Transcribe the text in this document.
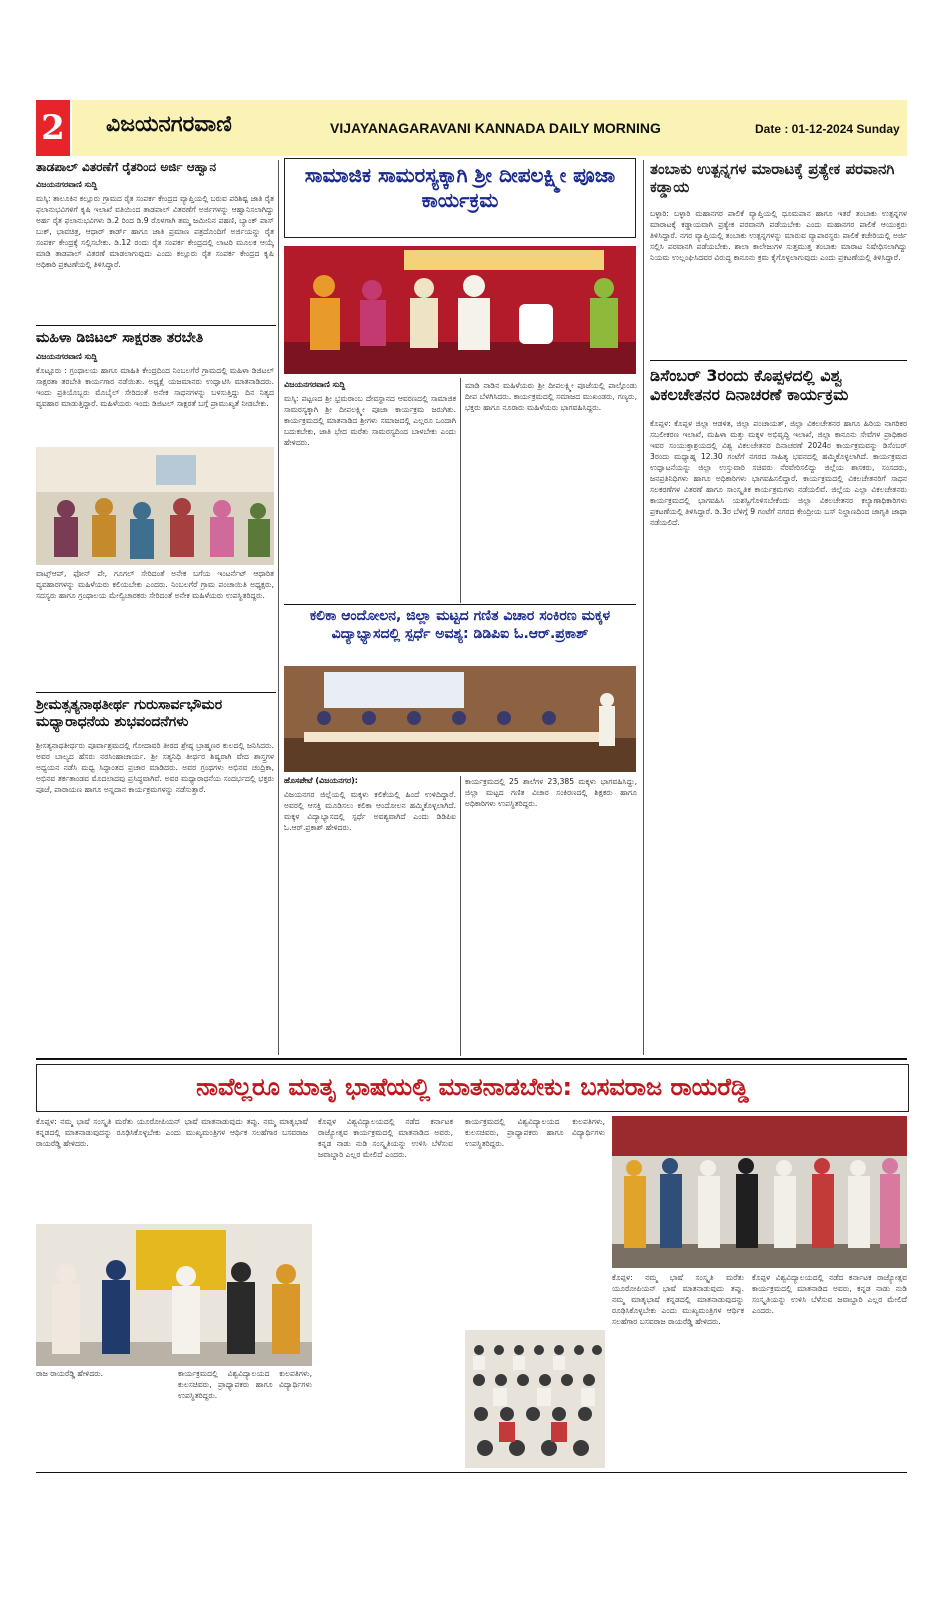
2 ವಿಜಯನಗರವಾಣಿ	VIJAYANAGARAVANI KANNADA DAILY MORNING	Date : 01-12-2024 Sunday
ತಾಡಪಾಲ್ ವಿತರಣೆಗೆ ರೈತರಿಂದ ಅರ್ಜಿ ಆಹ್ವಾನ
ವಿಜಯನಗರವಾಣಿ ಸುದ್ದಿ
ಮಸ್ಕಿ: ತಾಲೂಕಿನ ಕಲ್ಲೂರು ಗ್ರಾಮದ ರೈತ ಸಂಪರ್ಕ ಕೇಂದ್ರದ ವ್ಯಾಪ್ತಿಯಲ್ಲಿ ಬರುವ ಪರಿಶಿಷ್ಟ ಜಾತಿ ರೈತ ಫಲಾನುಭವಿಗಳಿಗೆ ಕೃಷಿ ಇಲಾಖೆ ವತಿಯಿಂದ ತಾಡಪಾಲ್ ವಿತರಣೆಗೆ ಅರ್ಜಿಗಳನ್ನು ಆಹ್ವಾನಿಸಲಾಗಿದ್ದು ಅರ್ಹ ರೈತ ಫಲಾನುಭವಿಗಳು ಡಿ.2 ರಿಂದ ಡಿ.9 ರೊಳಗಾಗಿ ತಮ್ಮ ಜಮೀನಿನ ಪಹಣಿ, ಬ್ಯಾಂಕ್ ಪಾಸ್ ಬುಕ್, ಭಾವಚಿತ್ರ, ಆಧಾರ್ ಕಾರ್ಡ್ ಹಾಗೂ ಜಾತಿ ಪ್ರಮಾಣ ಪತ್ರದೊಂದಿಗೆ ಅರ್ಜಿಯನ್ನು ರೈತ ಸಂಪರ್ಕ ಕೇಂದ್ರಕ್ಕೆ ಸಲ್ಲಿಸಬೇಕು. ಡಿ.12 ರಂದು ರೈತ ಸಂಪರ್ಕ ಕೇಂದ್ರದಲ್ಲಿ ಲಾಟರಿ ಮೂಲಕ ಆಯ್ಕೆ ಮಾಡಿ ತಾಡಪಾಲ್ ವಿತರಣೆ ಮಾಡಲಾಗುವುದು ಎಂದು ಕಲ್ಲೂರು ರೈತ ಸಂಪರ್ಕ ಕೇಂದ್ರದ ಕೃಷಿ ಅಧಿಕಾರಿ ಪ್ರಕಟಣೆಯಲ್ಲಿ ತಿಳಿಸಿದ್ದಾರೆ.
ಮಹಿಳಾ ಡಿಜಿಟಲ್ ಸಾಕ್ಷರತಾ ತರಬೇತಿ
ವಿಜಯನಗರವಾಣಿ ಸುದ್ದಿ
ಕೊಟ್ಟೂರು : ಗ್ರಂಥಾಲಯ ಹಾಗೂ ಮಾಹಿತಿ ಕೇಂದ್ರದಿಂದ ನಿಂಬಲಗೆರೆ ಗ್ರಾಮದಲ್ಲಿ ಮಹಿಳಾ ಡಿಜಿಟಲ್ ಸಾಕ್ಷರತಾ ತರಬೇತಿ ಕಾರ್ಯಗಾರ ನಡೆಯಿತು. ಅಧ್ಯಕ್ಷೆ ಯಜಮಾನರು ಉದ್ಘಾಟಿಸಿ ಮಾತನಾಡಿದರು. ಇಂದು ಪ್ರತಿಯೊಬ್ಬರು ಮೊಬೈಲ್ ಸೇರಿದಂತೆ ಅನೇಕ ಸಾಧನಗಳನ್ನು ಬಳಸುತ್ತಿದ್ದು ದಿನ ನಿತ್ಯದ ವ್ಯವಹಾರ ಮಾಡುತ್ತಿದ್ದಾರೆ. ಮಹಿಳೆಯರು ಇಂದು ಡಿಜಿಟಲ್ ಸಾಕ್ಷರತೆ ಬಗ್ಗೆ ಪ್ರಾಮುಖ್ಯತೆ ನೀಡಬೇಕು.
ವಾಟ್ಸ್ಆಪ್, ಫೋನ್ ಪೇ, ಗೂಗಲ್ ಸೇರಿದಂತೆ ಅನೇಕ ಬಗೆಯ ಇಂಟರ್ನೆಟ್ ಆಧಾರಿತ ವ್ಯವಹಾರಗಳನ್ನು ಮಹಿಳೆಯರು ಕಲಿಯಬೇಕು ಎಂದರು. ನಿಂಬಲಗೆರೆ ಗ್ರಾಮ ಪಂಚಾಯಿತಿ ಅಧ್ಯಕ್ಷರು, ಸದಸ್ಯರು ಹಾಗೂ ಗ್ರಂಥಾಲಯ ಮೇಲ್ವಿಚಾರಕರು ಸೇರಿದಂತೆ ಅನೇಕ ಮಹಿಳೆಯರು ಉಪಸ್ಥಿತರಿದ್ದರು.
ಶ್ರೀಮತ್ಸತ್ಯನಾಥತೀರ್ಥ ಗುರುಸಾರ್ವಭೌಮರ ಮಧ್ಯಾರಾಧನೆಯ ಶುಭವಂದನೆಗಳು
ಶ್ರೀಸತ್ಯನಾಥತೀರ್ಥರು ಪೂರ್ವಾಶ್ರಮದಲ್ಲಿ ಗೋದಾವರಿ ತೀರದ ಶ್ರೇಷ್ಠ ಬ್ರಾಹ್ಮಣರ ಕುಲದಲ್ಲಿ ಜನಿಸಿದರು. ಅವರ ಬಾಲ್ಯದ ಹೆಸರು ನರಸಿಂಹಾಚಾರ್ಯ. ಶ್ರೀ ಸತ್ಯನಿಧಿ ತೀರ್ಥರ ಶಿಷ್ಯರಾಗಿ ವೇದ ಶಾಸ್ತ್ರಗಳ ಅಧ್ಯಯನ ನಡೆಸಿ ಮಧ್ವ ಸಿದ್ಧಾಂತದ ಪ್ರಚಾರ ಮಾಡಿದರು. ಅವರ ಗ್ರಂಥಗಳು ಅಭಿನವ ಚಂದ್ರಿಕಾ, ಅಭಿನವ ತರ್ಕತಾಂಡವ ಮೊದಲಾದವು ಪ್ರಸಿದ್ಧವಾಗಿವೆ. ಅವರ ಮಧ್ಯಾರಾಧನೆಯ ಸಂದರ್ಭದಲ್ಲಿ ಭಕ್ತರು ಪೂಜೆ, ಪಾರಾಯಣ ಹಾಗೂ ಅನ್ನದಾನ ಕಾರ್ಯಕ್ರಮಗಳನ್ನು ನಡೆಸುತ್ತಾರೆ.
ಸಾಮಾಜಿಕ ಸಾಮರಸ್ಯಕ್ಕಾಗಿ ಶ್ರೀ ದೀಪಲಕ್ಷ್ಮೀ ಪೂಜಾ ಕಾರ್ಯಕ್ರಮ
ವಿಜಯನಗರವಾಣಿ ಸುದ್ದಿ
ಮಸ್ಕಿ: ಪಟ್ಟಣದ ಶ್ರೀ ಭ್ರಮರಾಂಬ ದೇವಸ್ಥಾನದ ಆವರಣದಲ್ಲಿ ಸಾಮಾಜಿಕ ಸಾಮರಸ್ಯಕ್ಕಾಗಿ ಶ್ರೀ ದೀಪಲಕ್ಷ್ಮೀ ಪೂಜಾ ಕಾರ್ಯಕ್ರಮ ಜರುಗಿತು. ಕಾರ್ಯಕ್ರಮದಲ್ಲಿ ಮಾತನಾಡಿದ ಶ್ರೀಗಳು ಸಮಾಜದಲ್ಲಿ ಎಲ್ಲರೂ ಒಂದಾಗಿ ಬದುಕಬೇಕು, ಜಾತಿ ಭೇದ ಮರೆತು ಸಾಮರಸ್ಯದಿಂದ ಬಾಳಬೇಕು ಎಂದು ಹೇಳಿದರು.
ಮಾಡಿ ನಾಡಿನ ಮಹಿಳೆಯರು ಶ್ರೀ ದೀಪಲಕ್ಷ್ಮೀ ಪೂಜೆಯಲ್ಲಿ ಪಾಲ್ಗೊಂಡು ದೀಪ ಬೆಳಗಿಸಿದರು. ಕಾರ್ಯಕ್ರಮದಲ್ಲಿ ಸಮಾಜದ ಮುಖಂಡರು, ಗಣ್ಯರು, ಭಕ್ತರು ಹಾಗೂ ನೂರಾರು ಮಹಿಳೆಯರು ಭಾಗವಹಿಸಿದ್ದರು.
ಕಲಿಕಾ ಆಂದೋಲನ, ಜಿಲ್ಲಾ ಮಟ್ಟದ ಗಣಿತ ವಿಚಾರ ಸಂಕಿರಣ ಮಕ್ಕಳ ವಿದ್ಯಾಭ್ಯಾಸದಲ್ಲಿ ಸ್ಪರ್ಧೆ ಅವಶ್ಯ: ಡಿಡಿಪಿಐ ಓ.ಆರ್.ಪ್ರಕಾಶ್
ಹೊಸಪೇಟೆ (ವಿಜಯನಗರ):
ವಿಜಯನಗರ ಜಿಲ್ಲೆಯಲ್ಲಿ ಮಕ್ಕಳು ಕಲಿಕೆಯಲ್ಲಿ ಹಿಂದೆ ಉಳಿದಿದ್ದಾರೆ. ಅವರಲ್ಲಿ ಆಸಕ್ತಿ ಮೂಡಿಸಲು ಕಲಿಕಾ ಆಂದೋಲನ ಹಮ್ಮಿಕೊಳ್ಳಲಾಗಿದೆ. ಮಕ್ಕಳ ವಿದ್ಯಾಭ್ಯಾಸದಲ್ಲಿ ಸ್ಪರ್ಧೆ ಅವಶ್ಯವಾಗಿದೆ ಎಂದು ಡಿಡಿಪಿಐ ಓ.ಆರ್.ಪ್ರಕಾಶ್ ಹೇಳಿದರು.
ಕಾರ್ಯಕ್ರಮದಲ್ಲಿ 25 ಶಾಲೆಗಳ 23,385 ಮಕ್ಕಳು ಭಾಗವಹಿಸಿದ್ದು, ಜಿಲ್ಲಾ ಮಟ್ಟದ ಗಣಿತ ವಿಚಾರ ಸಂಕಿರಣದಲ್ಲಿ ಶಿಕ್ಷಕರು ಹಾಗೂ ಅಧಿಕಾರಿಗಳು ಉಪಸ್ಥಿತರಿದ್ದರು.
ತಂಬಾಕು ಉತ್ಪನ್ನಗಳ ಮಾರಾಟಕ್ಕೆ ಪ್ರತ್ಯೇಕ ಪರವಾನಗಿ ಕಡ್ಡಾಯ
ಬಳ್ಳಾರಿ: ಬಳ್ಳಾರಿ ಮಹಾನಗರ ಪಾಲಿಕೆ ವ್ಯಾಪ್ತಿಯಲ್ಲಿ ಧೂಮಪಾನ ಹಾಗೂ ಇತರೆ ತಂಬಾಕು ಉತ್ಪನ್ನಗಳ ಮಾರಾಟಕ್ಕೆ ಕಡ್ಡಾಯವಾಗಿ ಪ್ರತ್ಯೇಕ ಪರವಾನಗಿ ಪಡೆಯಬೇಕು ಎಂದು ಮಹಾನಗರ ಪಾಲಿಕೆ ಆಯುಕ್ತರು ತಿಳಿಸಿದ್ದಾರೆ. ನಗರ ವ್ಯಾಪ್ತಿಯಲ್ಲಿ ತಂಬಾಕು ಉತ್ಪನ್ನಗಳನ್ನು ಮಾರುವ ವ್ಯಾಪಾರಸ್ಥರು ಪಾಲಿಕೆ ಕಚೇರಿಯಲ್ಲಿ ಅರ್ಜಿ ಸಲ್ಲಿಸಿ ಪರವಾನಗಿ ಪಡೆಯಬೇಕು. ಶಾಲಾ ಕಾಲೇಜುಗಳ ಸುತ್ತಮುತ್ತ ತಂಬಾಕು ಮಾರಾಟ ನಿಷೇಧಿಸಲಾಗಿದ್ದು ನಿಯಮ ಉಲ್ಲಂಘಿಸಿದವರ ವಿರುದ್ಧ ಕಾನೂನು ಕ್ರಮ ಕೈಗೊಳ್ಳಲಾಗುವುದು ಎಂದು ಪ್ರಕಟಣೆಯಲ್ಲಿ ತಿಳಿಸಿದ್ದಾರೆ.
ಡಿಸೆಂಬರ್ 3ರಂದು ಕೊಪ್ಪಳದಲ್ಲಿ ವಿಶ್ವ ವಿಕಲಚೇತನರ ದಿನಾಚರಣೆ ಕಾರ್ಯಕ್ರಮ
ಕೊಪ್ಪಳ: ಕೊಪ್ಪಳ ಜಿಲ್ಲಾ ಆಡಳಿತ, ಜಿಲ್ಲಾ ಪಂಚಾಯತ್, ಜಿಲ್ಲಾ ವಿಕಲಚೇತನರ ಹಾಗೂ ಹಿರಿಯ ನಾಗರಿಕರ ಸಬಲೀಕರಣ ಇಲಾಖೆ, ಮಹಿಳಾ ಮತ್ತು ಮಕ್ಕಳ ಅಭಿವೃದ್ಧಿ ಇಲಾಖೆ, ಜಿಲ್ಲಾ ಕಾನೂನು ಸೇವೆಗಳ ಪ್ರಾಧಿಕಾರ ಇವರ ಸಂಯುಕ್ತಾಶ್ರಯದಲ್ಲಿ ವಿಶ್ವ ವಿಕಲಚೇತನರ ದಿನಾಚರಣೆ 2024ರ ಕಾರ್ಯಕ್ರಮವನ್ನು ಡಿಸೆಂಬರ್ 3ರಂದು ಮಧ್ಯಾಹ್ನ 12.30 ಗಂಟೆಗೆ ನಗರದ ಸಾಹಿತ್ಯ ಭವನದಲ್ಲಿ ಹಮ್ಮಿಕೊಳ್ಳಲಾಗಿದೆ. ಕಾರ್ಯಕ್ರಮದ ಉದ್ಘಾಟನೆಯನ್ನು ಜಿಲ್ಲಾ ಉಸ್ತುವಾರಿ ಸಚಿವರು ನೆರವೇರಿಸಲಿದ್ದು ಜಿಲ್ಲೆಯ ಶಾಸಕರು, ಸಂಸದರು, ಜನಪ್ರತಿನಿಧಿಗಳು ಹಾಗೂ ಅಧಿಕಾರಿಗಳು ಭಾಗವಹಿಸಲಿದ್ದಾರೆ. ಕಾರ್ಯಕ್ರಮದಲ್ಲಿ ವಿಕಲಚೇತನರಿಗೆ ಸಾಧನ ಸಲಕರಣೆಗಳ ವಿತರಣೆ ಹಾಗೂ ಸಾಂಸ್ಕೃತಿಕ ಕಾರ್ಯಕ್ರಮಗಳು ನಡೆಯಲಿವೆ. ಜಿಲ್ಲೆಯ ಎಲ್ಲಾ ವಿಕಲಚೇತನರು ಕಾರ್ಯಕ್ರಮದಲ್ಲಿ ಭಾಗವಹಿಸಿ ಯಶಸ್ವಿಗೊಳಿಸಬೇಕೆಂದು ಜಿಲ್ಲಾ ವಿಕಲಚೇತನರ ಕಲ್ಯಾಣಾಧಿಕಾರಿಗಳು ಪ್ರಕಟಣೆಯಲ್ಲಿ ತಿಳಿಸಿದ್ದಾರೆ. ಡಿ.3ರ ಬೆಳಿಗ್ಗೆ 9 ಗಂಟೆಗೆ ನಗರದ ಕೇಂದ್ರೀಯ ಬಸ್ ನಿಲ್ದಾಣದಿಂದ ಜಾಗೃತಿ ಜಾಥಾ ನಡೆಯಲಿದೆ.
ನಾವೆಲ್ಲರೂ ಮಾತೃ ಭಾಷೆಯಲ್ಲಿ ಮಾತನಾಡಬೇಕು: ಬಸವರಾಜ ರಾಯರೆಡ್ಡಿ
ಕೊಪ್ಪಳ: ನಮ್ಮ ಭಾಷೆ ಸಂಸ್ಕೃತಿ ಮರೆತು ಯೂರೋಪಿಯನ್ ಭಾಷೆ ಮಾತನಾಡುವುದು ತಪ್ಪು. ನಮ್ಮ ಮಾತೃಭಾಷೆ ಕನ್ನಡದಲ್ಲಿ ಮಾತನಾಡುವುದನ್ನು ರೂಢಿಸಿಕೊಳ್ಳಬೇಕು ಎಂದು ಮುಖ್ಯಮಂತ್ರಿಗಳ ಆರ್ಥಿಕ ಸಲಹೆಗಾರ ಬಸವರಾಜ ರಾಯರೆಡ್ಡಿ ಹೇಳಿದರು.
ರಾಜ ರಾಯರೆಡ್ಡಿ ಹೇಳಿದರು.	ಕಾರ್ಯಕ್ರಮದಲ್ಲಿ ವಿಶ್ವವಿದ್ಯಾಲಯದ ಕುಲಪತಿಗಳು, ಕುಲಸಚಿವರು, ಪ್ರಾಧ್ಯಾಪಕರು ಹಾಗೂ ವಿದ್ಯಾರ್ಥಿಗಳು ಉಪಸ್ಥಿತರಿದ್ದರು.
ಕೊಪ್ಪಳ ವಿಶ್ವವಿದ್ಯಾಲಯದಲ್ಲಿ ನಡೆದ ಕರ್ನಾಟಕ ರಾಜ್ಯೋತ್ಸವ ಕಾರ್ಯಕ್ರಮದಲ್ಲಿ ಮಾತನಾಡಿದ ಅವರು, ಕನ್ನಡ ನಾಡು ನುಡಿ ಸಂಸ್ಕೃತಿಯನ್ನು ಉಳಿಸಿ ಬೆಳೆಸುವ ಜವಾಬ್ದಾರಿ ಎಲ್ಲರ ಮೇಲಿದೆ ಎಂದರು.
ಕಾರ್ಯಕ್ರಮದಲ್ಲಿ ವಿಶ್ವವಿದ್ಯಾಲಯದ ಕುಲಪತಿಗಳು, ಕುಲಸಚಿವರು, ಪ್ರಾಧ್ಯಾಪಕರು ಹಾಗೂ ವಿದ್ಯಾರ್ಥಿಗಳು ಉಪಸ್ಥಿತರಿದ್ದರು.
ಕೊಪ್ಪಳ: ನಮ್ಮ ಭಾಷೆ ಸಂಸ್ಕೃತಿ ಮರೆತು ಯೂರೋಪಿಯನ್ ಭಾಷೆ ಮಾತನಾಡುವುದು ತಪ್ಪು. ನಮ್ಮ ಮಾತೃಭಾಷೆ ಕನ್ನಡದಲ್ಲಿ ಮಾತನಾಡುವುದನ್ನು ರೂಢಿಸಿಕೊಳ್ಳಬೇಕು ಎಂದು ಮುಖ್ಯಮಂತ್ರಿಗಳ ಆರ್ಥಿಕ ಸಲಹೆಗಾರ ಬಸವರಾಜ ರಾಯರೆಡ್ಡಿ ಹೇಳಿದರು.
ಕೊಪ್ಪಳ ವಿಶ್ವವಿದ್ಯಾಲಯದಲ್ಲಿ ನಡೆದ ಕರ್ನಾಟಕ ರಾಜ್ಯೋತ್ಸವ ಕಾರ್ಯಕ್ರಮದಲ್ಲಿ ಮಾತನಾಡಿದ ಅವರು, ಕನ್ನಡ ನಾಡು ನುಡಿ ಸಂಸ್ಕೃತಿಯನ್ನು ಉಳಿಸಿ ಬೆಳೆಸುವ ಜವಾಬ್ದಾರಿ ಎಲ್ಲರ ಮೇಲಿದೆ ಎಂದರು.
